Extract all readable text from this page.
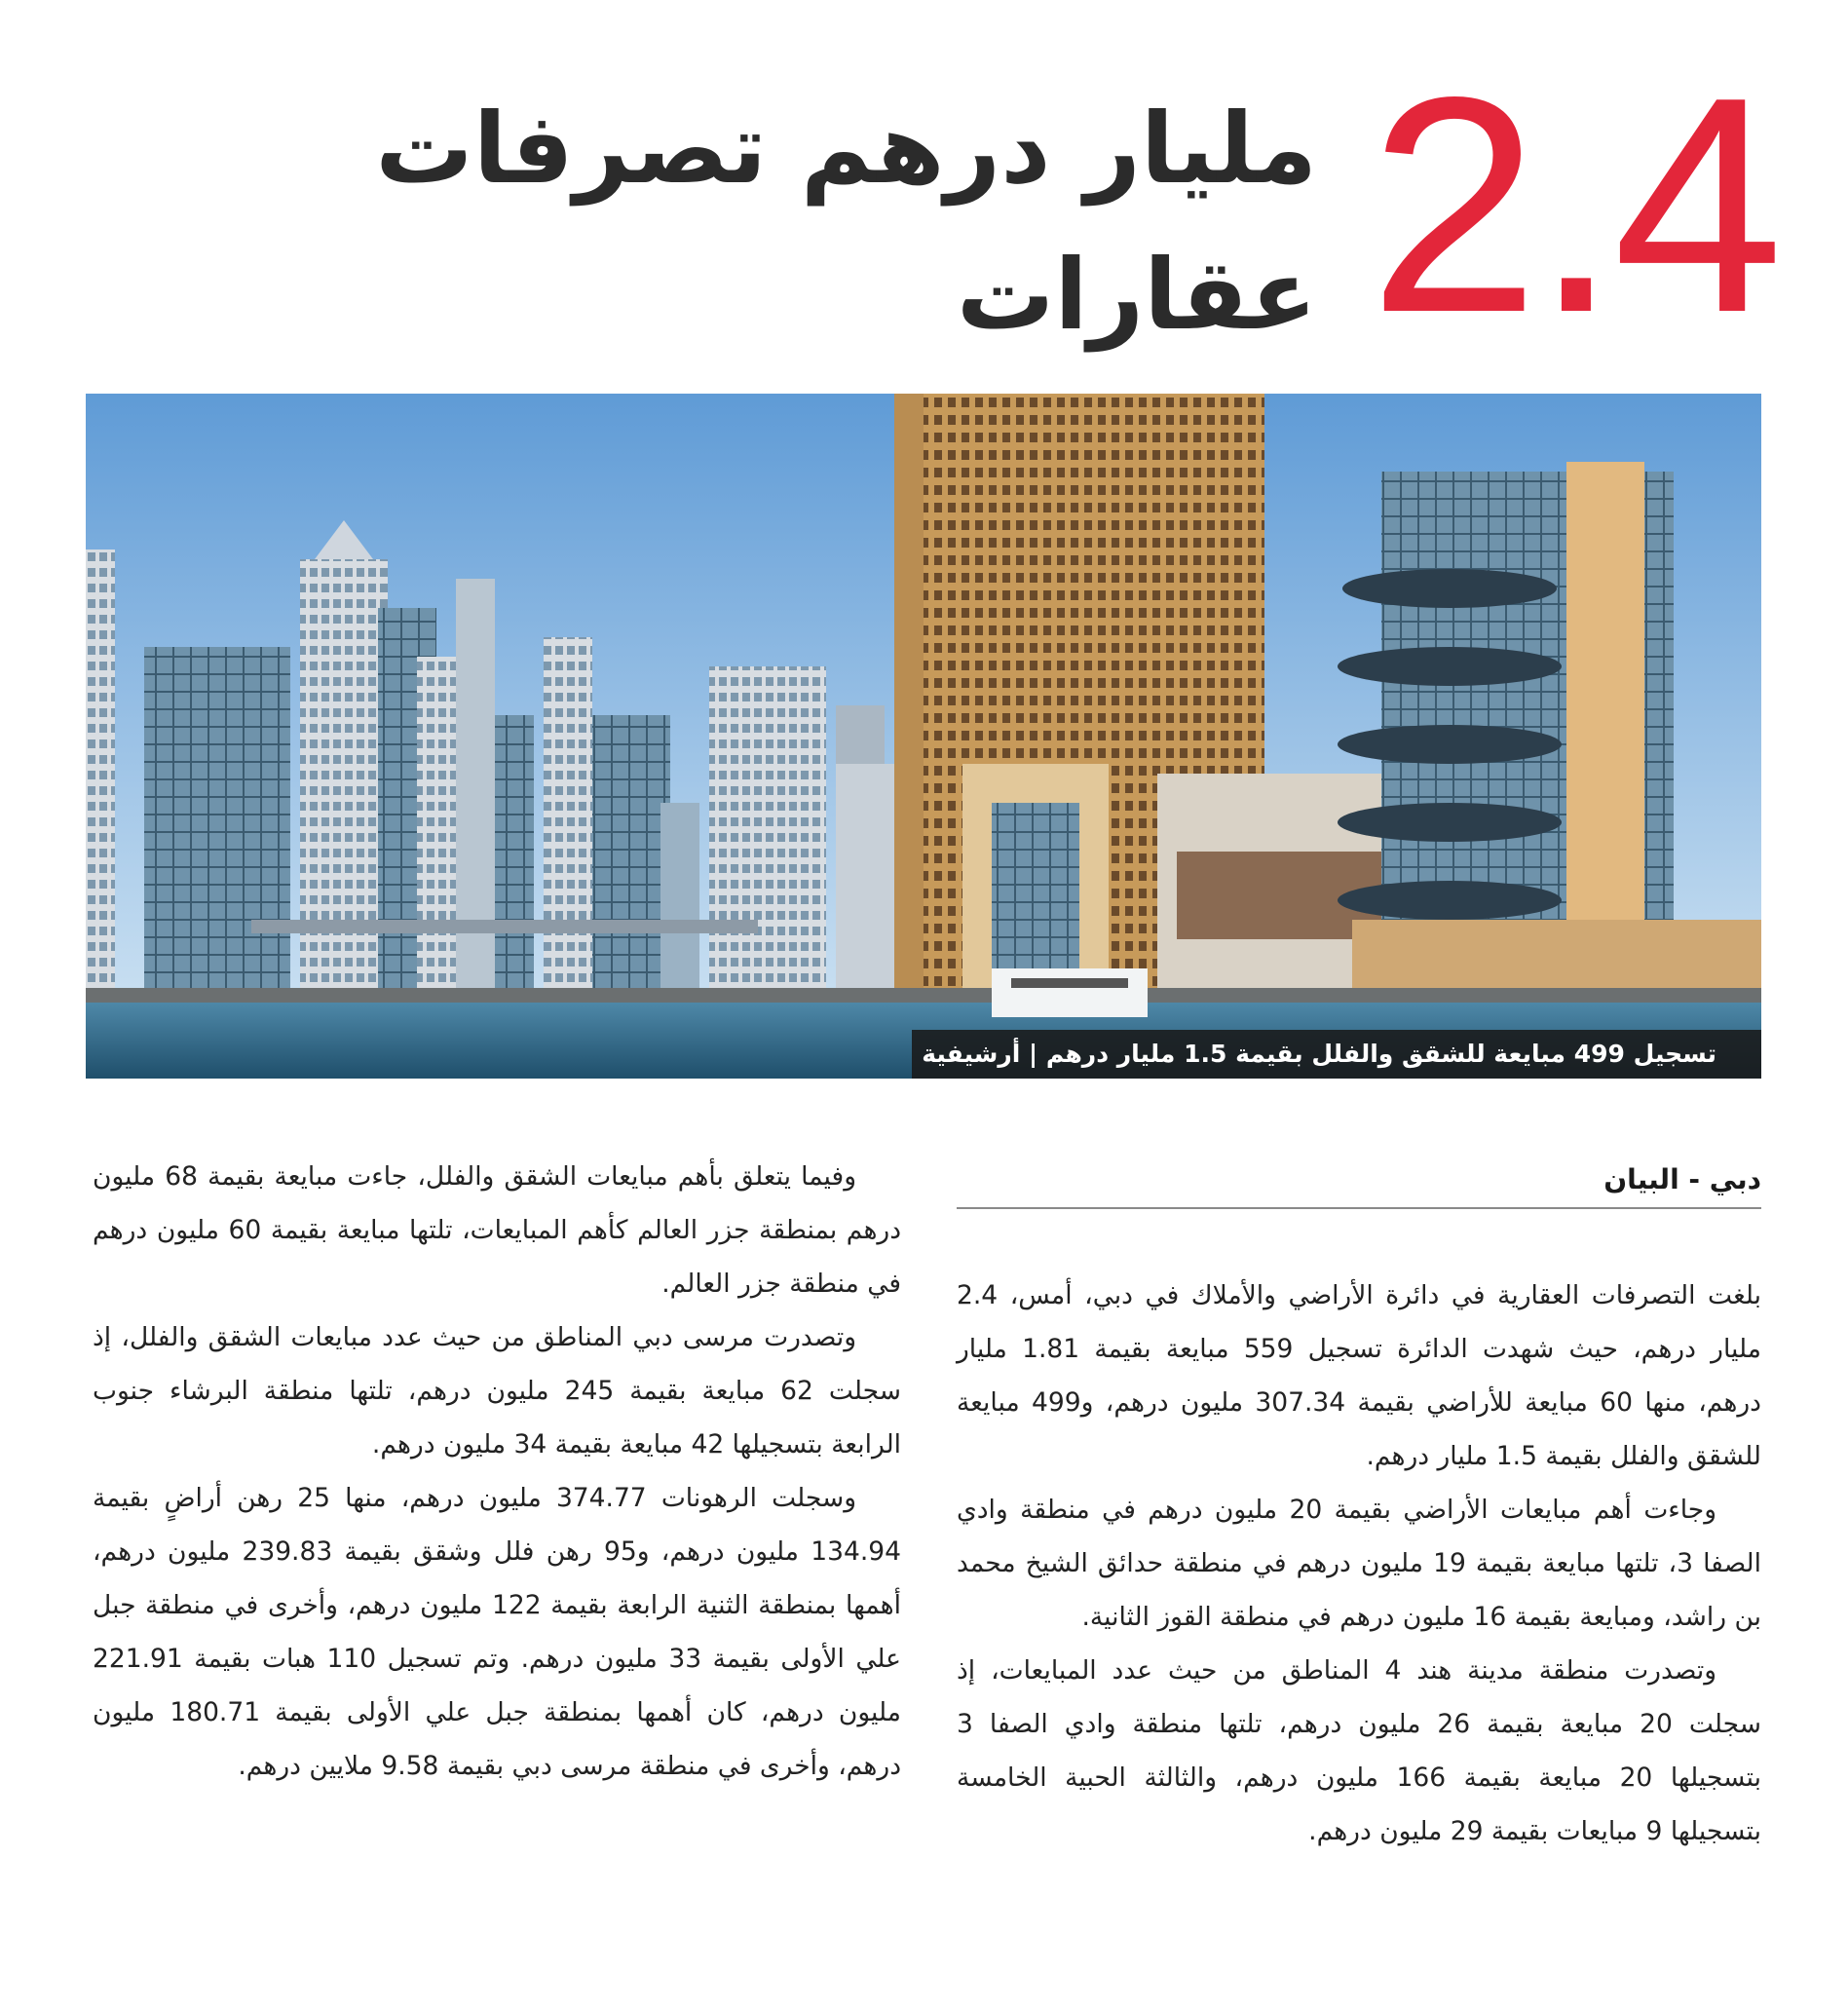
2.4
مليار درهم تصرفات عقارات
تسجيل 499 مبايعة للشقق والفلل بقيمة 1.5 مليار درهم | أرشيفية
دبي - البيان

بلغت التصرفات العقارية في دائرة الأراضي والأملاك في دبي، أمس، 2.4 مليار درهم، حيث شهدت الدائرة تسجيل 559 مبايعة بقيمة 1.81 مليار درهم، منها 60 مبايعة للأراضي بقيمة 307.34 مليون درهم، و499 مبايعة للشقق والفلل بقيمة 1.5 مليار درهم.

وجاءت أهم مبايعات الأراضي بقيمة 20 مليون درهم في منطقة وادي الصفا 3، تلتها مبايعة بقيمة 19 مليون درهم في منطقة حدائق الشيخ محمد بن راشد، ومبايعة بقيمة 16 مليون درهم في منطقة القوز الثانية.

وتصدرت منطقة مدينة هند 4 المناطق من حيث عدد المبايعات، إذ سجلت 20 مبايعة بقيمة 26 مليون درهم، تلتها منطقة وادي الصفا 3 بتسجيلها 20 مبايعة بقيمة 166 مليون درهم، والثالثة الحبية الخامسة بتسجيلها 9 مبايعات بقيمة 29 مليون درهم.

وفيما يتعلق بأهم مبايعات الشقق والفلل، جاءت مبايعة بقيمة 68 مليون درهم بمنطقة جزر العالم كأهم المبايعات، تلتها مبايعة بقيمة 60 مليون درهم في منطقة جزر العالم.

وتصدرت مرسى دبي المناطق من حيث عدد مبايعات الشقق والفلل، إذ سجلت 62 مبايعة بقيمة 245 مليون درهم، تلتها منطقة البرشاء جنوب الرابعة بتسجيلها 42 مبايعة بقيمة 34 مليون درهم.

وسجلت الرهونات 374.77 مليون درهم، منها 25 رهن أراضٍ بقيمة 134.94 مليون درهم، و95 رهن فلل وشقق بقيمة 239.83 مليون درهم، أهمها بمنطقة الثنية الرابعة بقيمة 122 مليون درهم، وأخرى في منطقة جبل علي الأولى بقيمة 33 مليون درهم. وتم تسجيل 110 هبات بقيمة 221.91 مليون درهم، كان أهمها بمنطقة جبل علي الأولى بقيمة 180.71 مليون درهم، وأخرى في منطقة مرسى دبي بقيمة 9.58 ملايين درهم.
